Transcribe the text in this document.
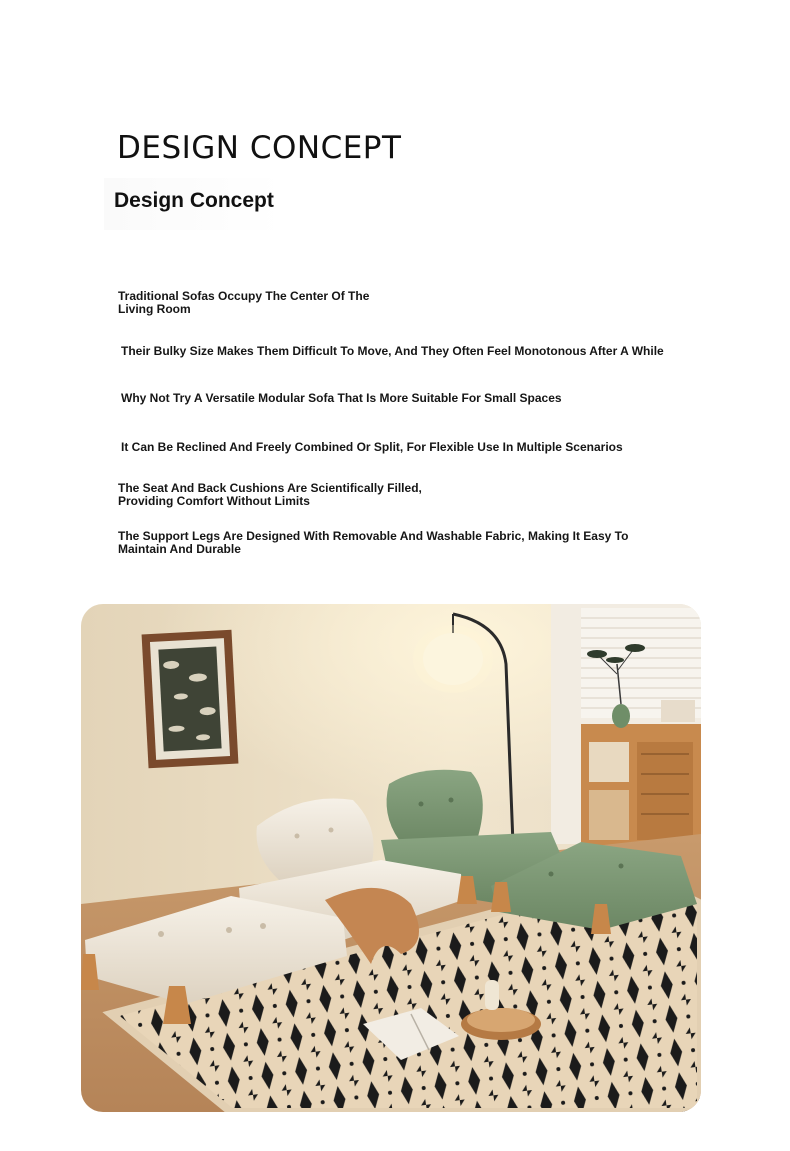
DESIGN CONCEPT
Design Concept

Traditional Sofas Occupy The Center Of The
Living Room

Their Bulky Size Makes Them Difficult To Move, And They Often Feel Monotonous After A While

Why Not Try A Versatile Modular Sofa That Is More Suitable For Small Spaces

It Can Be Reclined And Freely Combined Or Split, For Flexible Use In Multiple Scenarios

The Seat And Back Cushions Are Scientifically Filled,
Providing Comfort Without Limits

The Support Legs Are Designed With Removable And Washable Fabric, Making It Easy To
Maintain And Durable
